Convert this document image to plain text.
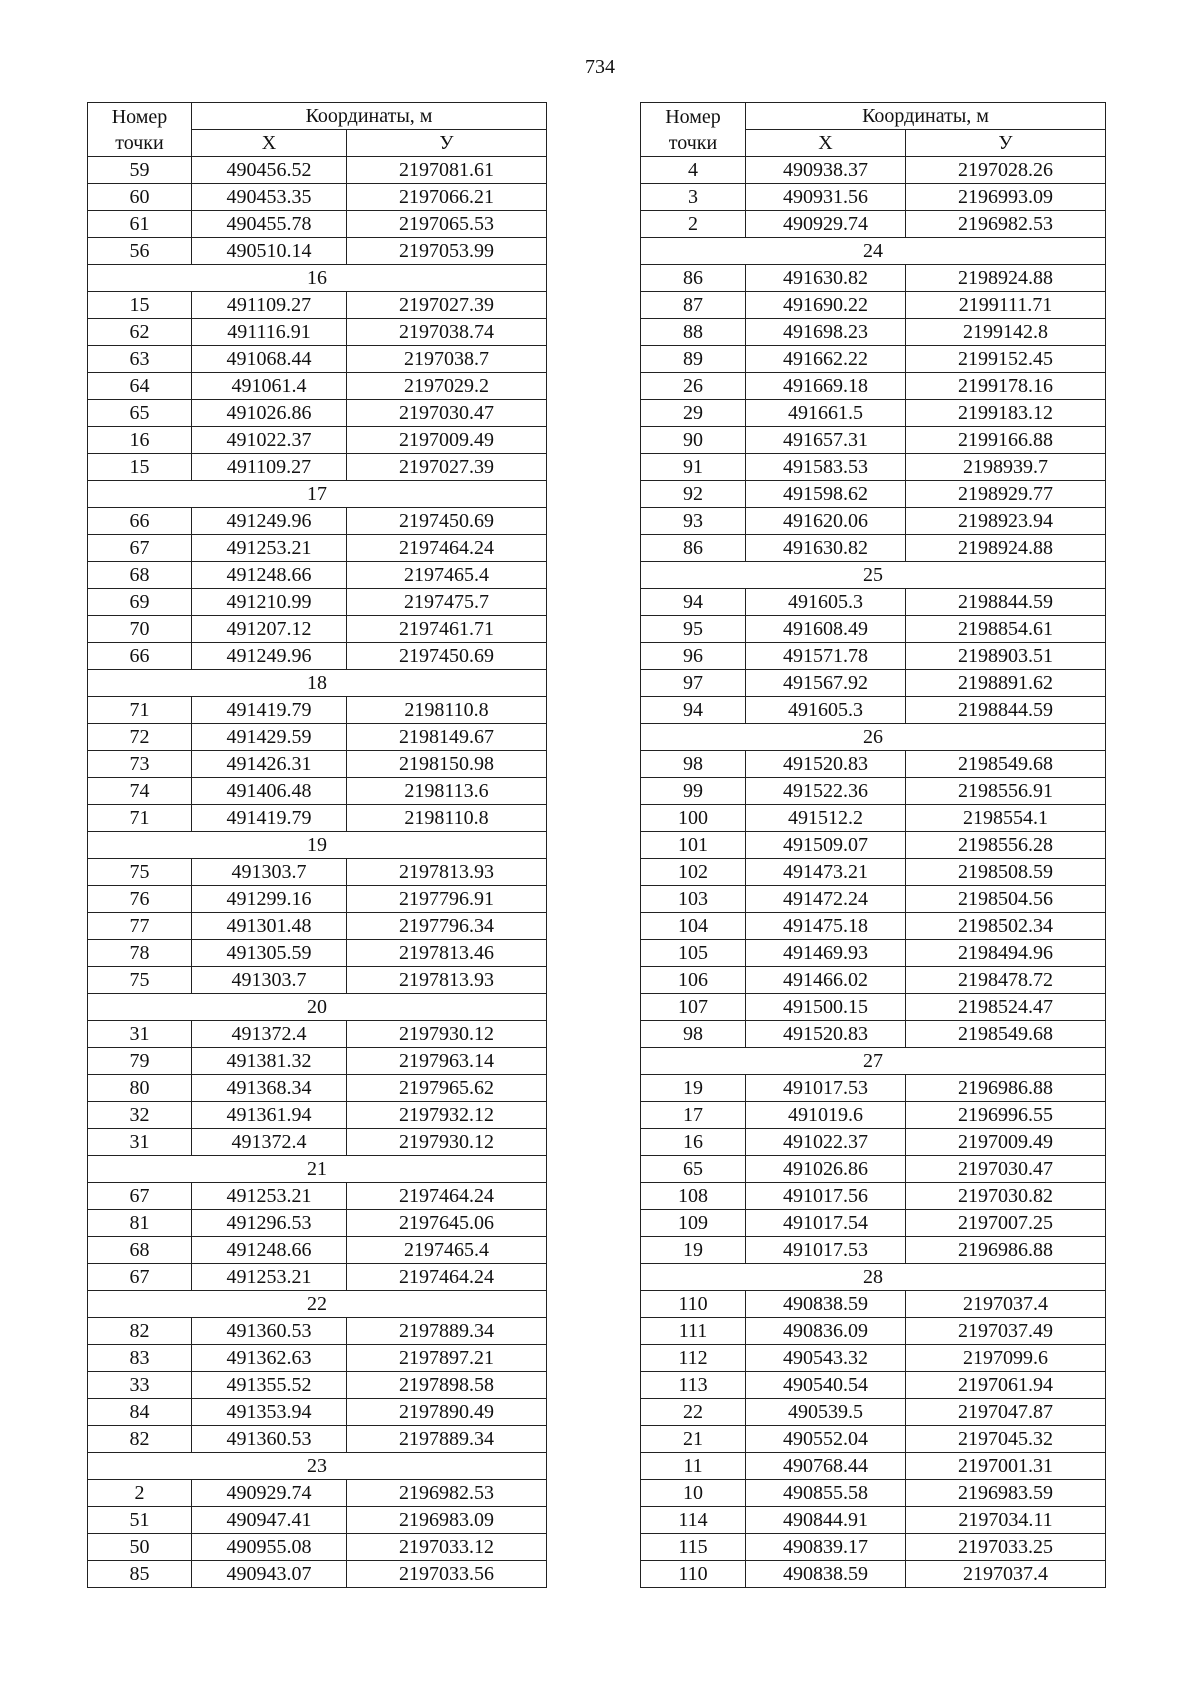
734
Номер
точки	Координаты, м	
	X	У
59	490456.52	2197081.61
60	490453.35	2197066.21
61	490455.78	2197065.53
56	490510.14	2197053.99
16		
15	491109.27	2197027.39
62	491116.91	2197038.74
63	491068.44	2197038.7
64	491061.4	2197029.2
65	491026.86	2197030.47
16	491022.37	2197009.49
15	491109.27	2197027.39
17		
66	491249.96	2197450.69
67	491253.21	2197464.24
68	491248.66	2197465.4
69	491210.99	2197475.7
70	491207.12	2197461.71
66	491249.96	2197450.69
18		
71	491419.79	2198110.8
72	491429.59	2198149.67
73	491426.31	2198150.98
74	491406.48	2198113.6
71	491419.79	2198110.8
19		
75	491303.7	2197813.93
76	491299.16	2197796.91
77	491301.48	2197796.34
78	491305.59	2197813.46
75	491303.7	2197813.93
20		
31	491372.4	2197930.12
79	491381.32	2197963.14
80	491368.34	2197965.62
32	491361.94	2197932.12
31	491372.4	2197930.12
21		
67	491253.21	2197464.24
81	491296.53	2197645.06
68	491248.66	2197465.4
67	491253.21	2197464.24
22		
82	491360.53	2197889.34
83	491362.63	2197897.21
33	491355.52	2197898.58
84	491353.94	2197890.49
82	491360.53	2197889.34
23		
2	490929.74	2196982.53
51	490947.41	2196983.09
50	490955.08	2197033.12
85	490943.07	2197033.56
Номер
точки	Координаты, м	
	X	У
4	490938.37	2197028.26
3	490931.56	2196993.09
2	490929.74	2196982.53
24		
86	491630.82	2198924.88
87	491690.22	2199111.71
88	491698.23	2199142.8
89	491662.22	2199152.45
26	491669.18	2199178.16
29	491661.5	2199183.12
90	491657.31	2199166.88
91	491583.53	2198939.7
92	491598.62	2198929.77
93	491620.06	2198923.94
86	491630.82	2198924.88
25		
94	491605.3	2198844.59
95	491608.49	2198854.61
96	491571.78	2198903.51
97	491567.92	2198891.62
94	491605.3	2198844.59
26		
98	491520.83	2198549.68
99	491522.36	2198556.91
100	491512.2	2198554.1
101	491509.07	2198556.28
102	491473.21	2198508.59
103	491472.24	2198504.56
104	491475.18	2198502.34
105	491469.93	2198494.96
106	491466.02	2198478.72
107	491500.15	2198524.47
98	491520.83	2198549.68
27		
19	491017.53	2196986.88
17	491019.6	2196996.55
16	491022.37	2197009.49
65	491026.86	2197030.47
108	491017.56	2197030.82
109	491017.54	2197007.25
19	491017.53	2196986.88
28		
110	490838.59	2197037.4
111	490836.09	2197037.49
112	490543.32	2197099.6
113	490540.54	2197061.94
22	490539.5	2197047.87
21	490552.04	2197045.32
11	490768.44	2197001.31
10	490855.58	2196983.59
114	490844.91	2197034.11
115	490839.17	2197033.25
110	490838.59	2197037.4
